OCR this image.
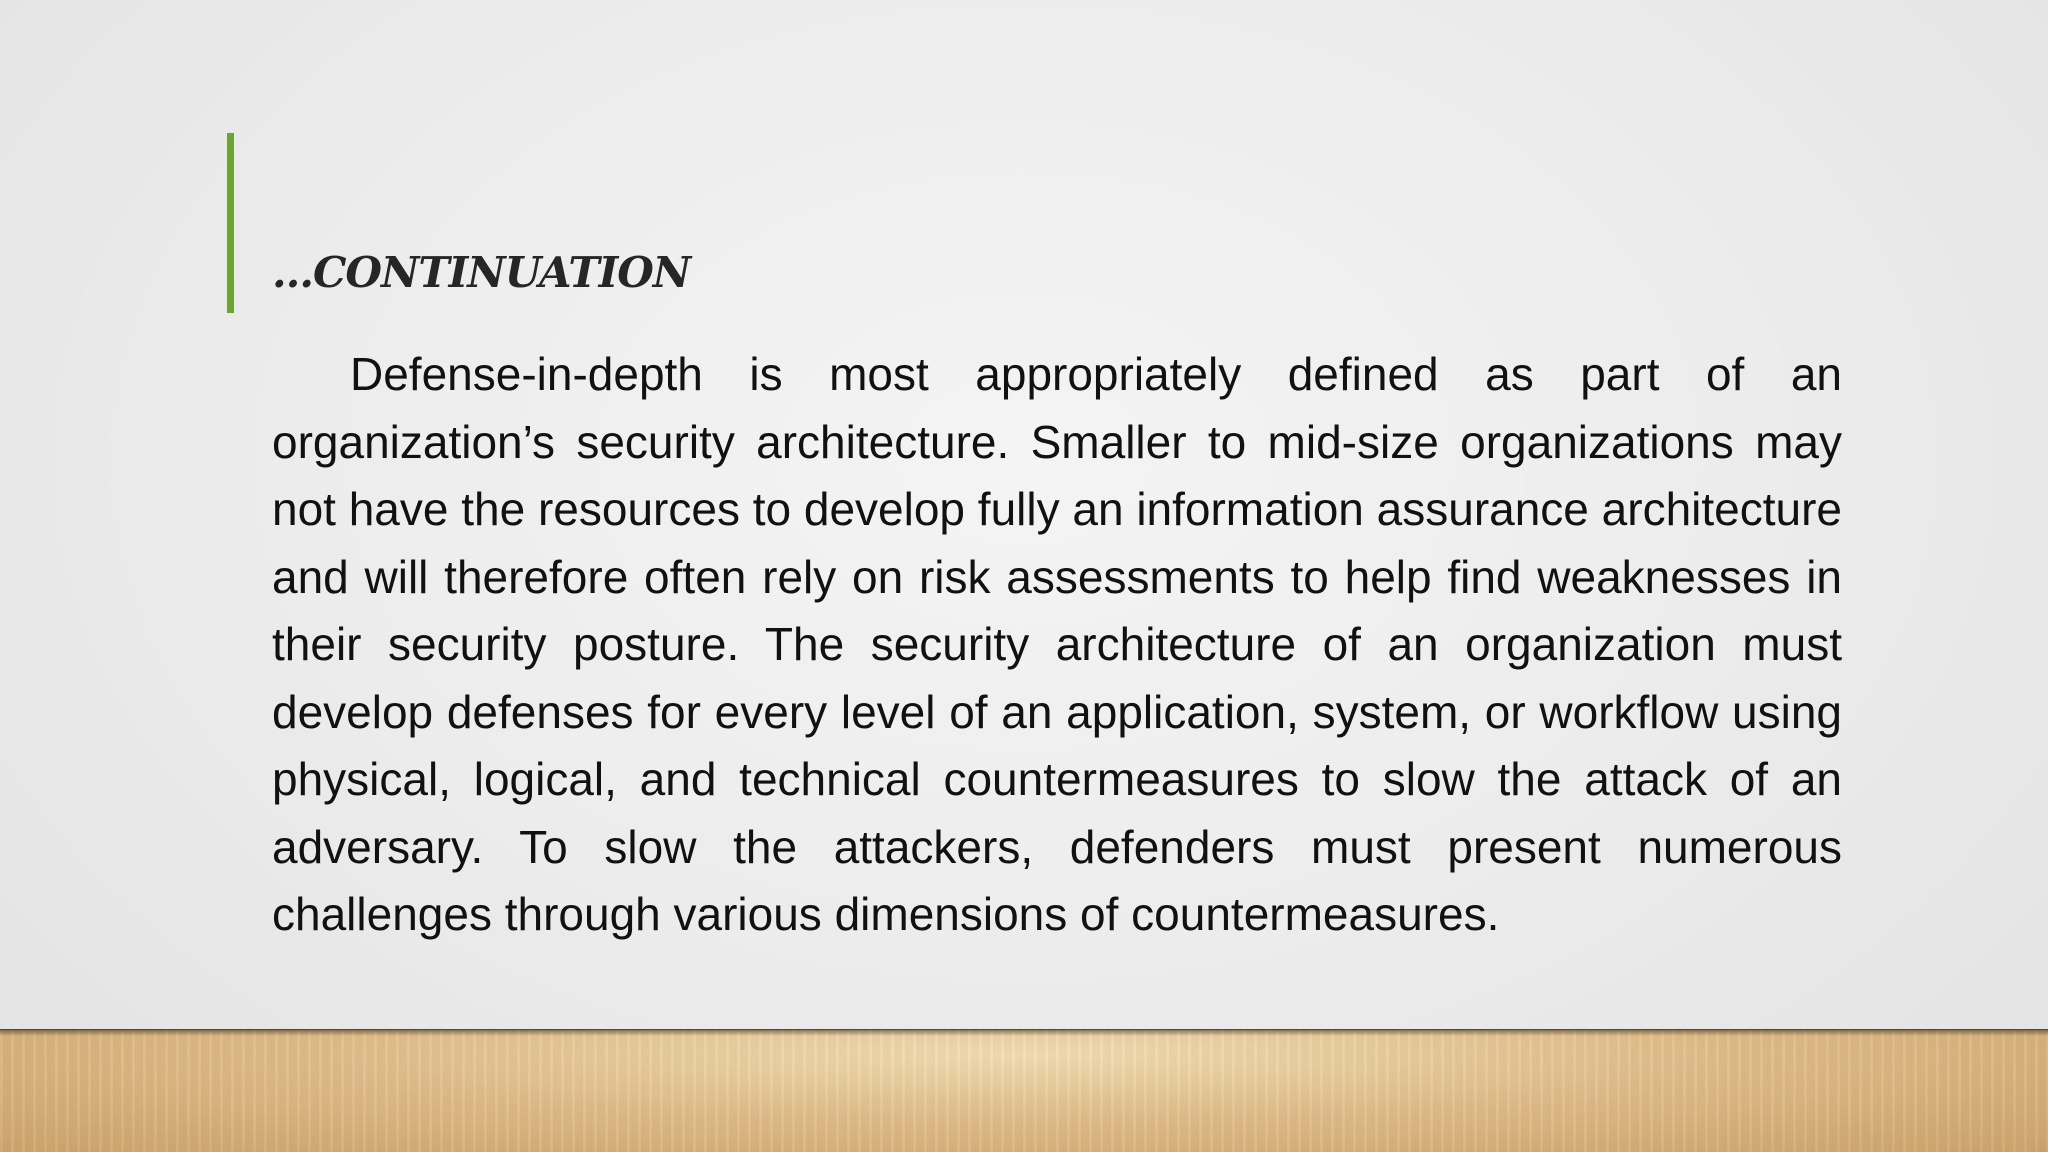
…CONTINUATION

Defense-in-depth is most appropriately defined as part of an organization’s security architecture. Smaller to mid-size organizations may not have the resources to develop fully an information assurance architecture and will therefore often rely on risk assessments to help find weaknesses in their security posture. The security architecture of an organization must develop defenses for every level of an application, system, or workflow using physical, logical, and technical countermeasures to slow the attack of an adversary. To slow the attackers, defenders must present numerous challenges through various dimensions of countermeasures.
